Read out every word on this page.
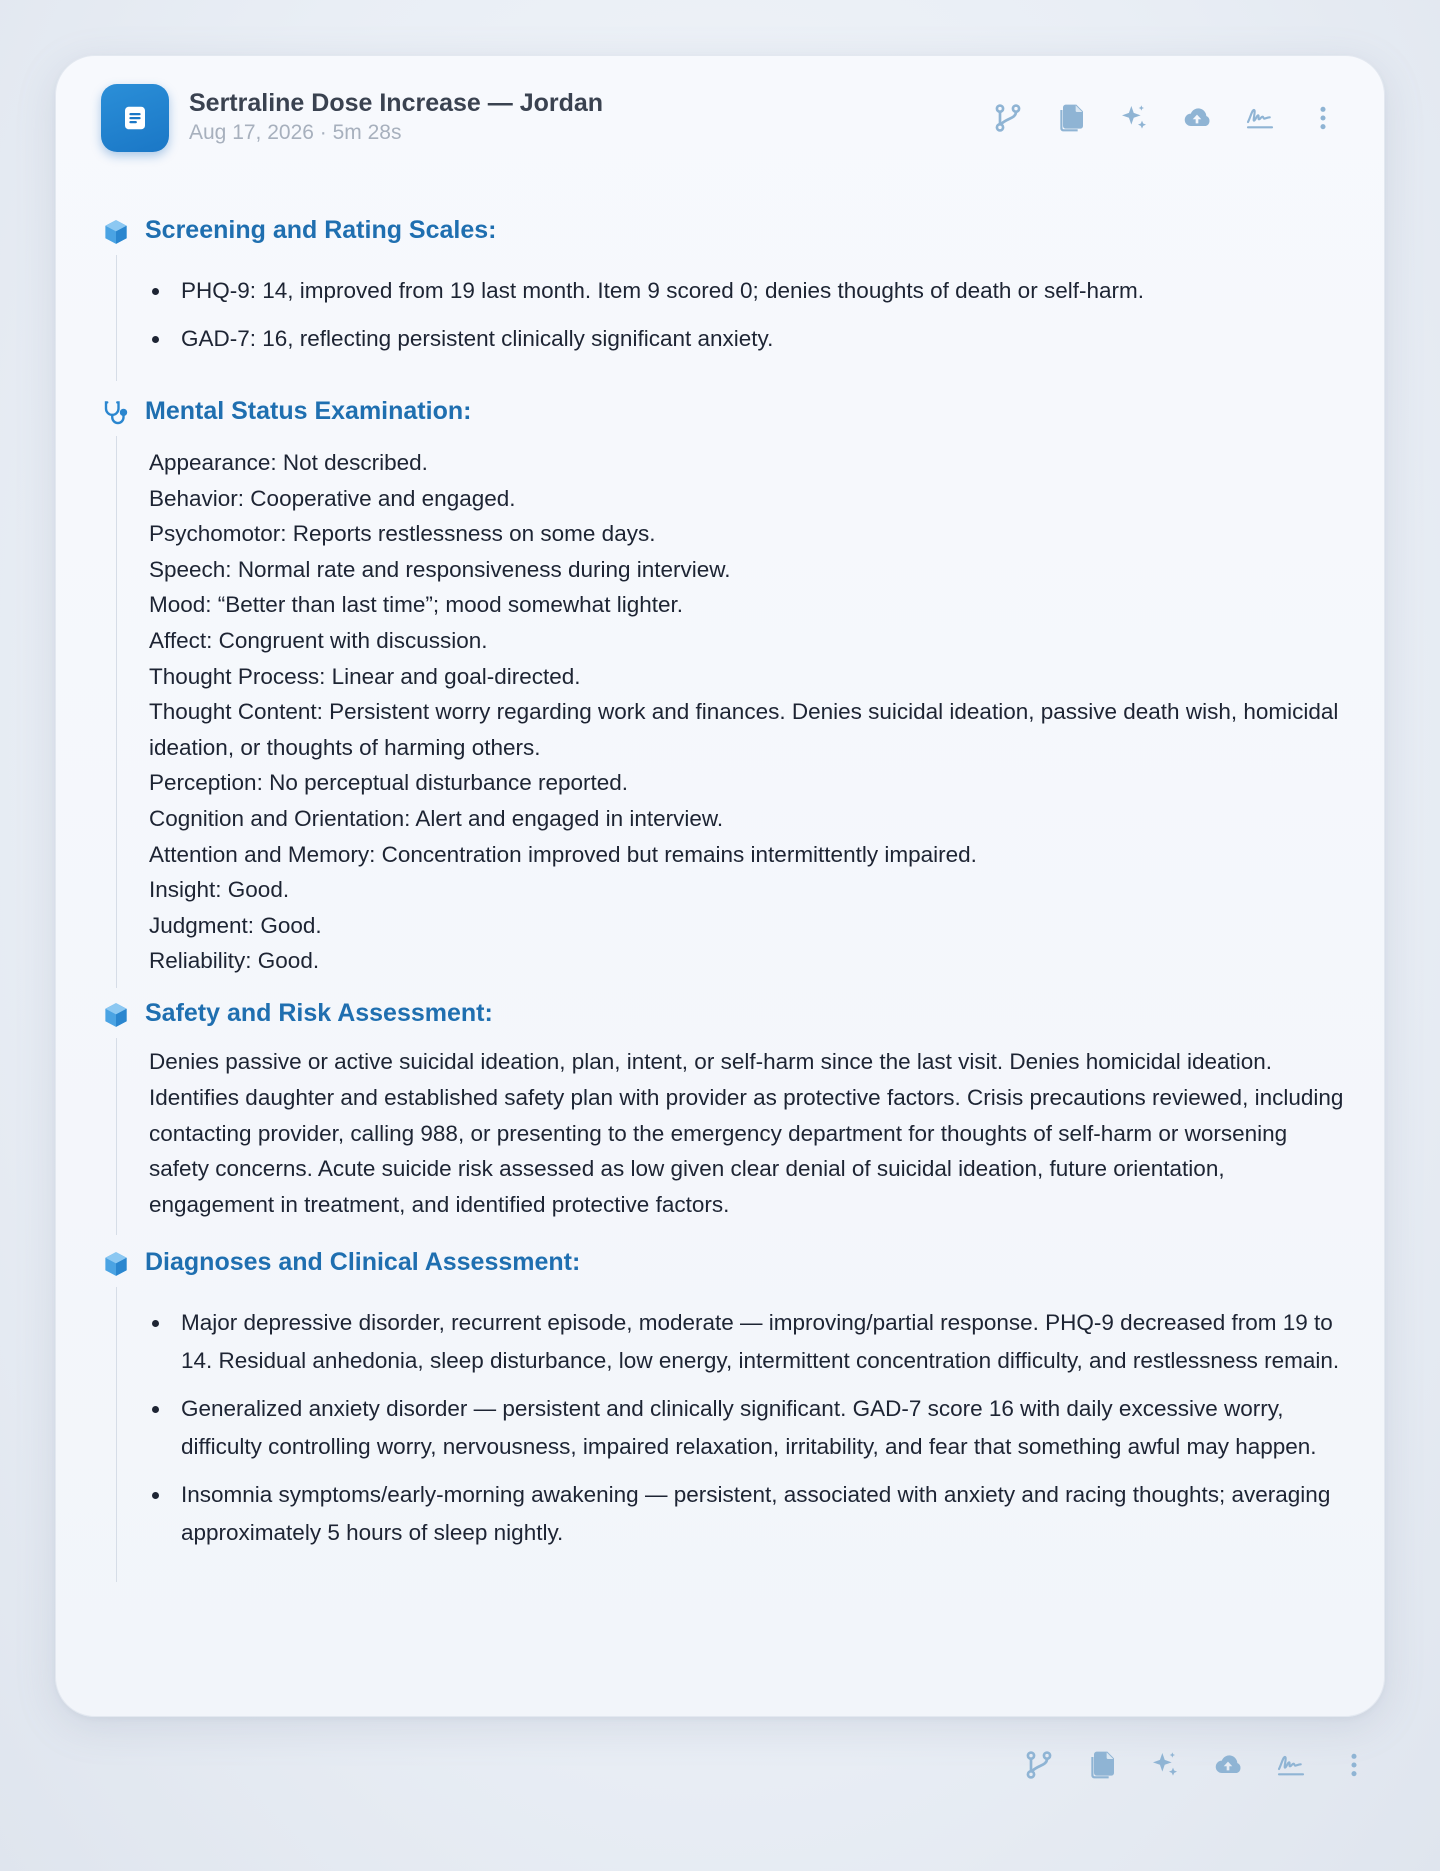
Sertraline Dose Increase — Jordan
Aug 17, 2026 · 5m 28s
Screening and Rating Scales:
PHQ-9: 14, improved from 19 last month. Item 9 scored 0; denies thoughts of death or self-harm.
GAD-7: 16, reflecting persistent clinically significant anxiety.
Mental Status Examination:
Appearance: Not described.
Behavior: Cooperative and engaged.
Psychomotor: Reports restlessness on some days.
Speech: Normal rate and responsiveness during interview.
Mood: “Better than last time”; mood somewhat lighter.
Affect: Congruent with discussion.
Thought Process: Linear and goal-directed.
Thought Content: Persistent worry regarding work and finances. Denies suicidal ideation, passive death wish, homicidal ideation, or thoughts of harming others.
Perception: No perceptual disturbance reported.
Cognition and Orientation: Alert and engaged in interview.
Attention and Memory: Concentration improved but remains intermittently impaired.
Insight: Good.
Judgment: Good.
Reliability: Good.
Safety and Risk Assessment:

Denies passive or active suicidal ideation, plan, intent, or self-harm since the last visit. Denies homicidal ideation. Identifies daughter and established safety plan with provider as protective factors. Crisis precautions reviewed, including contacting provider, calling 988, or presenting to the emergency department for thoughts of self-harm or worsening safety concerns. Acute suicide risk assessed as low given clear denial of suicidal ideation, future orientation, engagement in treatment, and identified protective factors.

Diagnoses and Clinical Assessment:
Major depressive disorder, recurrent episode, moderate — improving/partial response. PHQ-9 decreased from 19 to 14. Residual anhedonia, sleep disturbance, low energy, intermittent concentration difficulty, and restlessness remain.
Generalized anxiety disorder — persistent and clinically significant. GAD-7 score 16 with daily excessive worry, difficulty controlling worry, nervousness, impaired relaxation, irritability, and fear that something awful may happen.
Insomnia symptoms/early-morning awakening — persistent, associated with anxiety and racing thoughts; averaging approximately 5 hours of sleep nightly.
